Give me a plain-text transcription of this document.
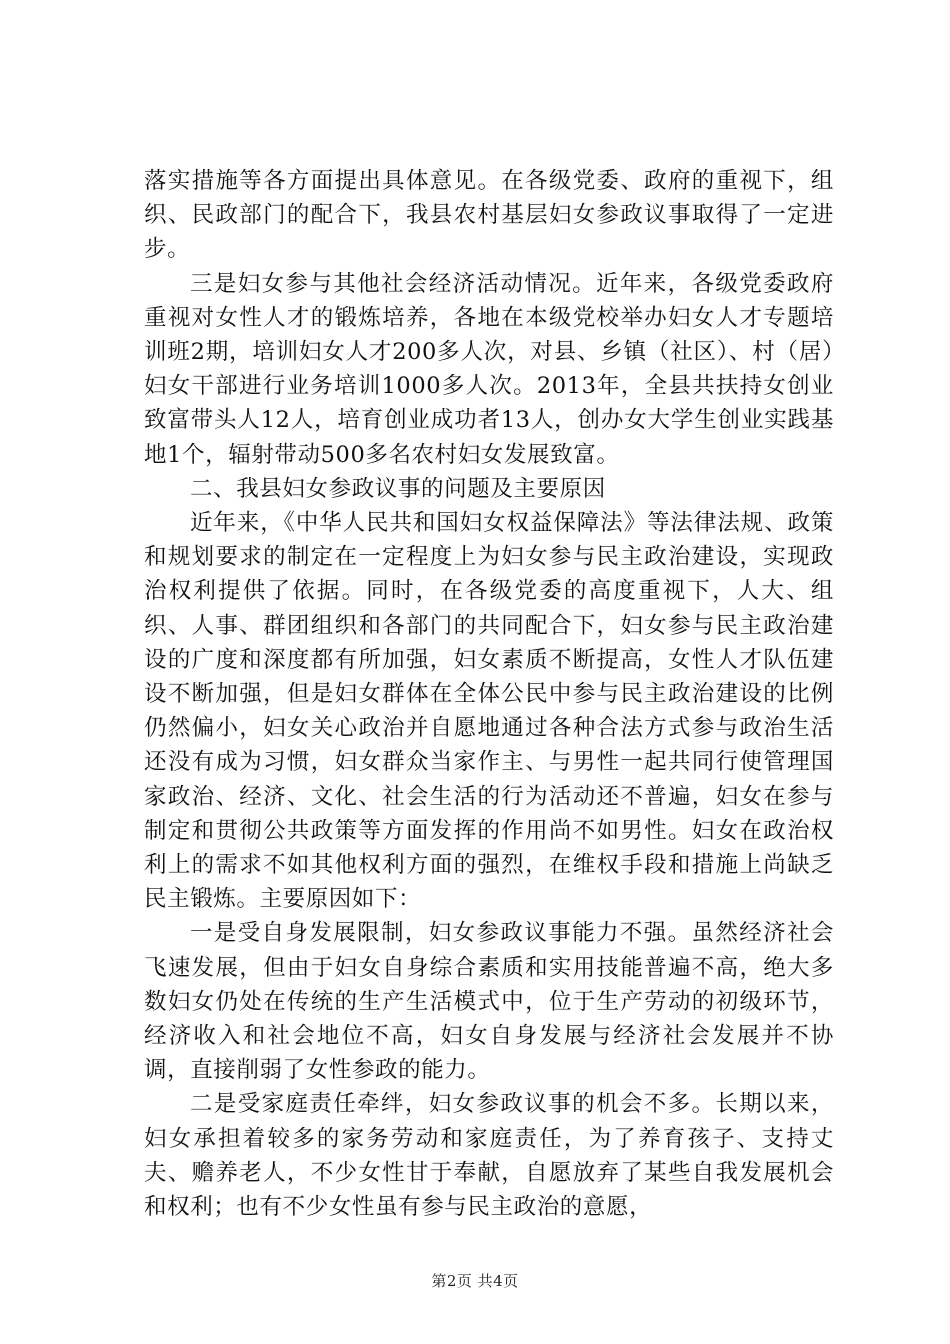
落实措施等各方面提出具体意见。在各级党委、政府的重视下，组织、民政部门的配合下，我县农村基层妇女参政议事取得了一定进步。

三是妇女参与其他社会经济活动情况。近年来，各级党委政府重视对女性人才的锻炼培养，各地在本级党校举办妇女人才专题培训班2期，培训妇女人才200多人次，对县、乡镇（社区）、村（居）妇女干部进行业务培训1000多人次。2013年，全县共扶持女创业致富带头人12人，培育创业成功者13人，创办女大学生创业实践基地1个，辐射带动500多名农村妇女发展致富。

二、我县妇女参政议事的问题及主要原因

近年来，《中华人民共和国妇女权益保障法》等法律法规、政策和规划要求的制定在一定程度上为妇女参与民主政治建设，实现政治权利提供了依据。同时，在各级党委的高度重视下，人大、组织、人事、群团组织和各部门的共同配合下，妇女参与民主政治建设的广度和深度都有所加强，妇女素质不断提高，女性人才队伍建设不断加强，但是妇女群体在全体公民中参与民主政治建设的比例仍然偏小，妇女关心政治并自愿地通过各种合法方式参与政治生活还没有成为习惯，妇女群众当家作主、与男性一起共同行使管理国家政治、经济、文化、社会生活的行为活动还不普遍，妇女在参与制定和贯彻公共政策等方面发挥的作用尚不如男性。妇女在政治权利上的需求不如其他权利方面的强烈，在维权手段和措施上尚缺乏民主锻炼。主要原因如下：

一是受自身发展限制，妇女参政议事能力不强。虽然经济社会飞速发展，但由于妇女自身综合素质和实用技能普遍不高，绝大多数妇女仍处在传统的生产生活模式中，位于生产劳动的初级环节，经济收入和社会地位不高，妇女自身发展与经济社会发展并不协调，直接削弱了女性参政的能力。

二是受家庭责任牵绊，妇女参政议事的机会不多。长期以来，妇女承担着较多的家务劳动和家庭责任，为了养育孩子、支持丈夫、赡养老人，不少女性甘于奉献，自愿放弃了某些自我发展机会和权利；也有不少女性虽有参与民主政治的意愿，

第2页 共4页
